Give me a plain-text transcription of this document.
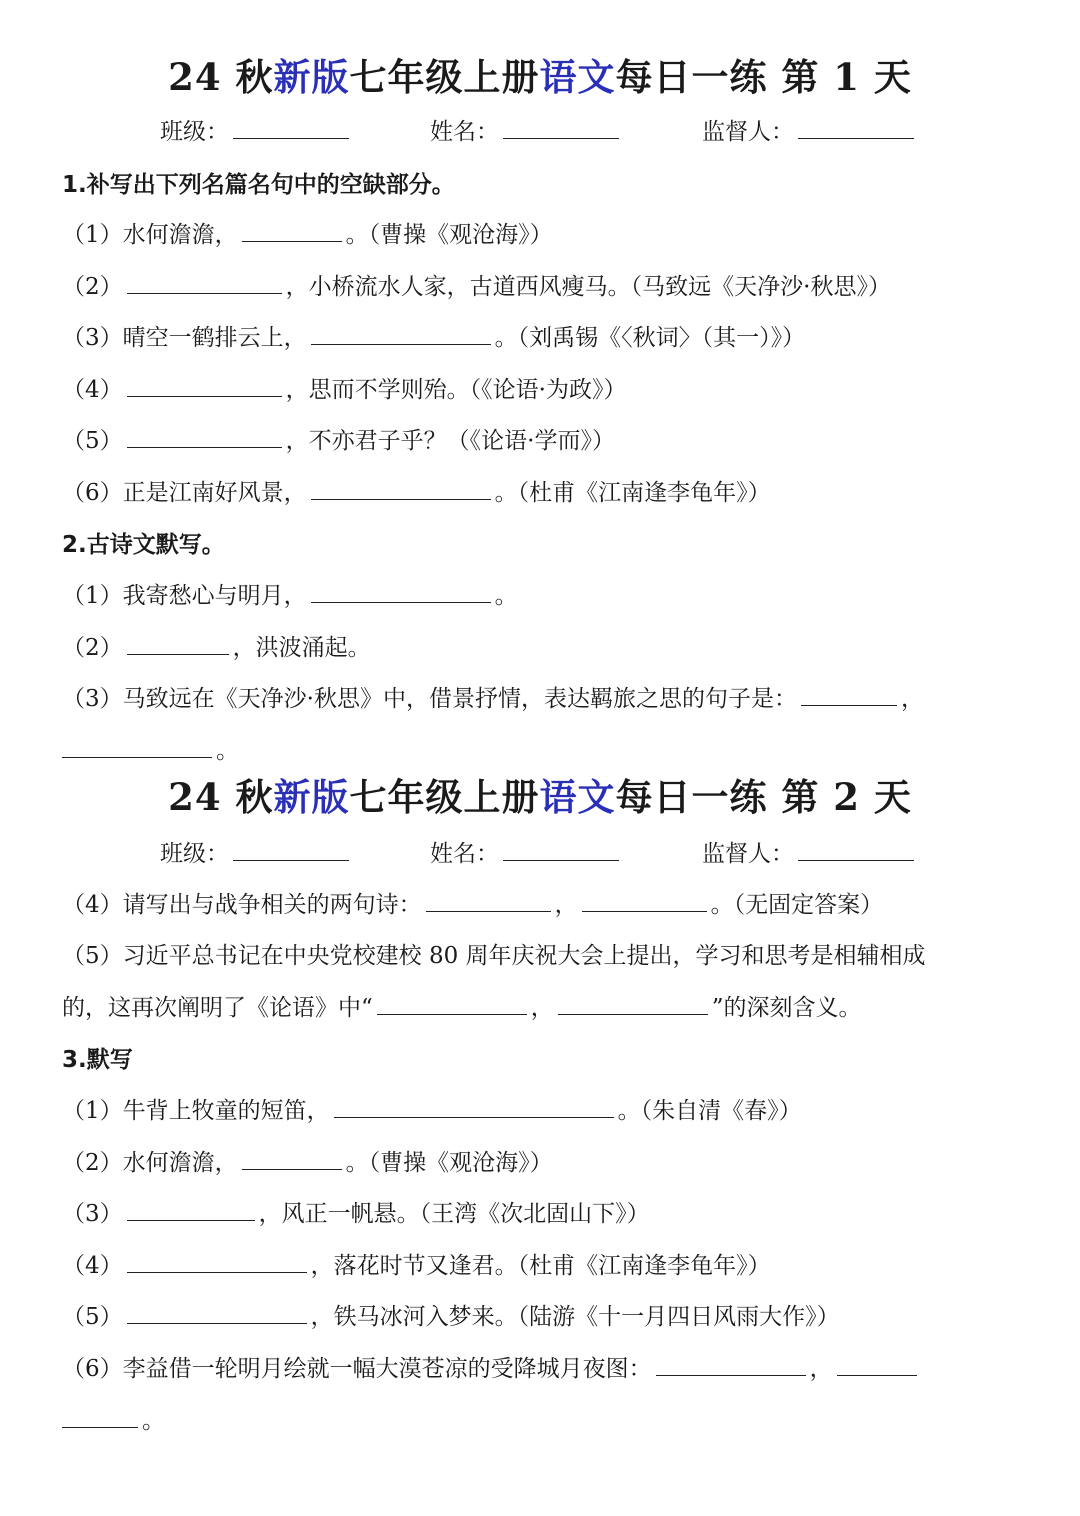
24 秋新版七年级上册语文每日一练 第 1 天
班级：	姓名：	监督人：
1.补写出下列名篇名句中的空缺部分。
（1）水何澹澹，	。（曹操《观沧海》）
（2）	，小桥流水人家，古道西风瘦马。（马致远《天净沙·秋思》）
（3）晴空一鹤排云上，	。（刘禹锡《〈秋词〉（其一）》）
（4）	，思而不学则殆。（《论语·为政》）
（5）	，不亦君子乎？（《论语·学而》）
（6）正是江南好风景，	。（杜甫《江南逢李龟年》）
2.古诗文默写。
（1）我寄愁心与明月，	。
（2）	，洪波涌起。
（3）马致远在《天净沙·秋思》中，借景抒情，表达羁旅之思的句子是：	，
。
24 秋新版七年级上册语文每日一练 第 2 天
班级：	姓名：	监督人：
（4）请写出与战争相关的两句诗：	，	。（无固定答案）
（5）习近平总书记在中央党校建校 80 周年庆祝大会上提出，学习和思考是相辅相成
的，这再次阐明了《论语》中“	，	”的深刻含义。
3.默写
（1）牛背上牧童的短笛，	。（朱自清《春》）
（2）水何澹澹，	。（曹操《观沧海》）
（3）	，风正一帆悬。（王湾《次北固山下》）
（4）	，落花时节又逢君。（杜甫《江南逢李龟年》）
（5）	，铁马冰河入梦来。（陆游《十一月四日风雨大作》）
（6）李益借一轮明月绘就一幅大漠苍凉的受降城月夜图：	，
。
